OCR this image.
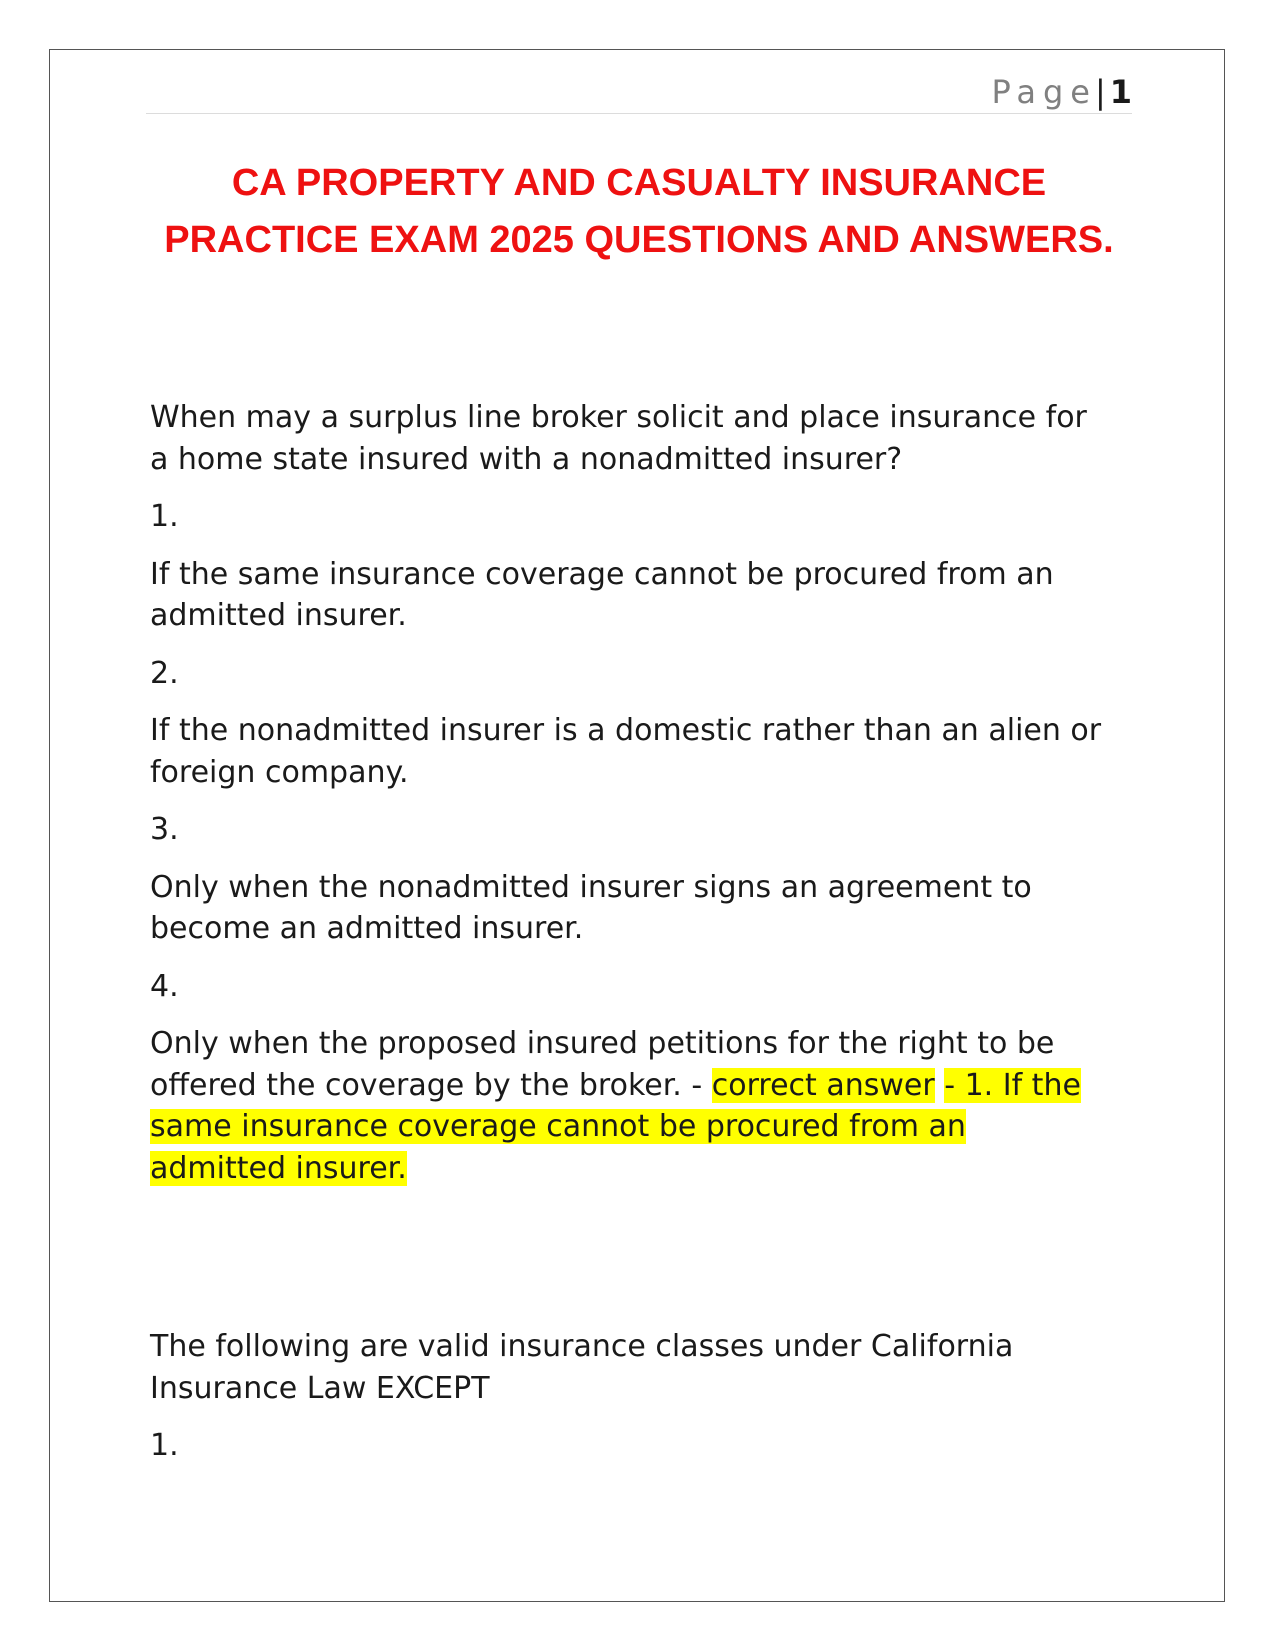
Page| 1
CA PROPERTY AND CASUALTY INSURANCE PRACTICE EXAM 2025 QUESTIONS AND ANSWERS.

When may a surplus line broker solicit and place insurance for a home state insured with a nonadmitted insurer?

1.

If the same insurance coverage cannot be procured from an admitted insurer.

2.

If the nonadmitted insurer is a domestic rather than an alien or foreign company.

3.

Only when the nonadmitted insurer signs an agreement to become an admitted insurer.

4.

Only when the proposed insured petitions for the right to be offered the coverage by the broker. - correct answer - 1. If the same insurance coverage cannot be procured from an admitted insurer.

The following are valid insurance classes under California Insurance Law EXCEPT

1.
